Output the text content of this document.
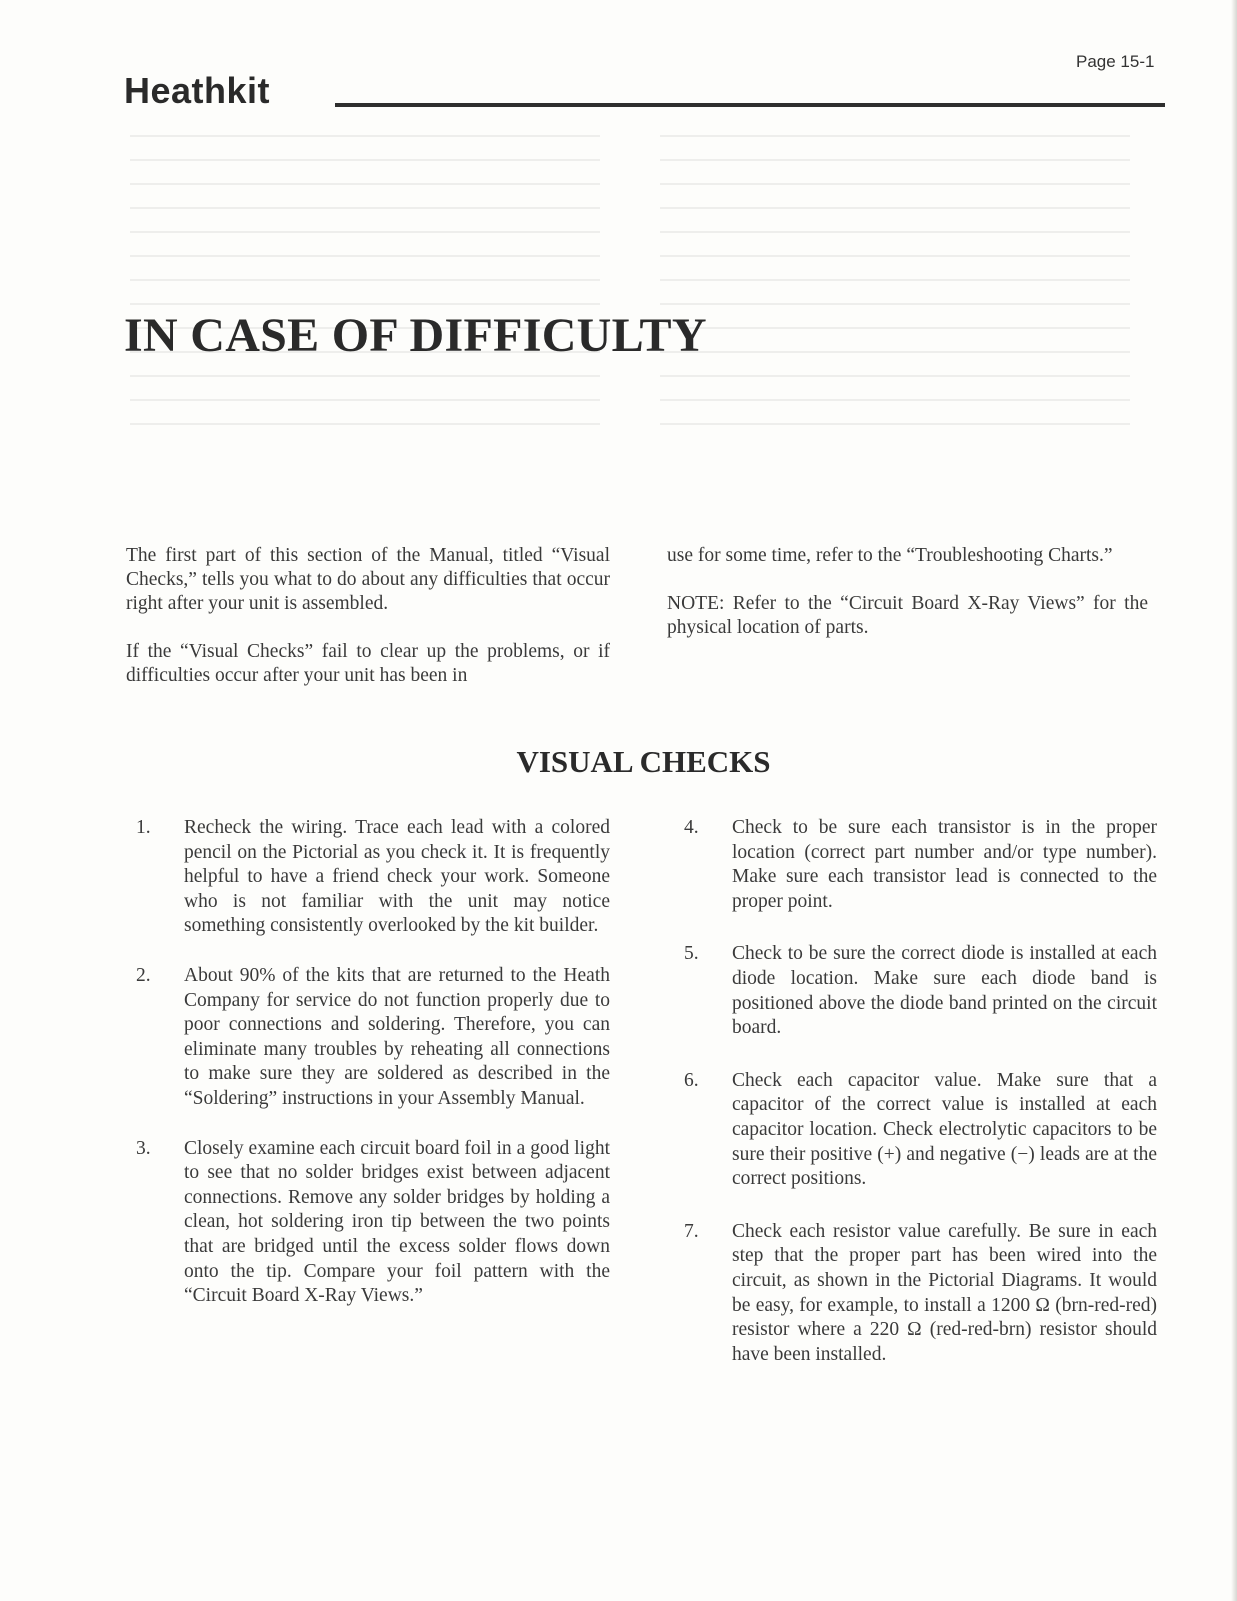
Page 15-1
Heathkit
IN CASE OF DIFFICULTY

The first part of this section of the Manual, titled “Visual Checks,” tells you what to do about any difficulties that occur right after your unit is assembled.

If the “Visual Checks” fail to clear up the problems, or if difficulties occur after your unit has been in

use for some time, refer to the “Troubleshooting Charts.”

NOTE: Refer to the “Circuit Board X-Ray Views” for the physical location of parts.

VISUAL CHECKS
1.	Recheck the wiring. Trace each lead with a colored pencil on the Pictorial as you check it. It is frequently helpful to have a friend check your work. Someone who is not familiar with the unit may notice something consistently overlooked by the kit builder.
2.	About 90% of the kits that are returned to the Heath Company for service do not function properly due to poor connections and soldering. Therefore, you can eliminate many troubles by reheating all connections to make sure they are soldered as described in the “Soldering” instructions in your Assembly Manual.
3.	Closely examine each circuit board foil in a good light to see that no solder bridges exist between adjacent connections. Remove any solder bridges by holding a clean, hot soldering iron tip between the two points that are bridged until the excess solder flows down onto the tip. Compare your foil pattern with the “Circuit Board X-Ray Views.”
4.	Check to be sure each transistor is in the proper location (correct part number and/or type number). Make sure each transistor lead is connected to the proper point.
5.	Check to be sure the correct diode is installed at each diode location. Make sure each diode band is positioned above the diode band printed on the circuit board.
6.	Check each capacitor value. Make sure that a capacitor of the correct value is installed at each capacitor location. Check electrolytic capacitors to be sure their positive (+) and negative (−) leads are at the correct positions.
7.	Check each resistor value carefully. Be sure in each step that the proper part has been wired into the circuit, as shown in the Pictorial Diagrams. It would be easy, for example, to install a 1200 Ω (brn-red-red) resistor where a 220 Ω (red-red-brn) resistor should have been installed.
